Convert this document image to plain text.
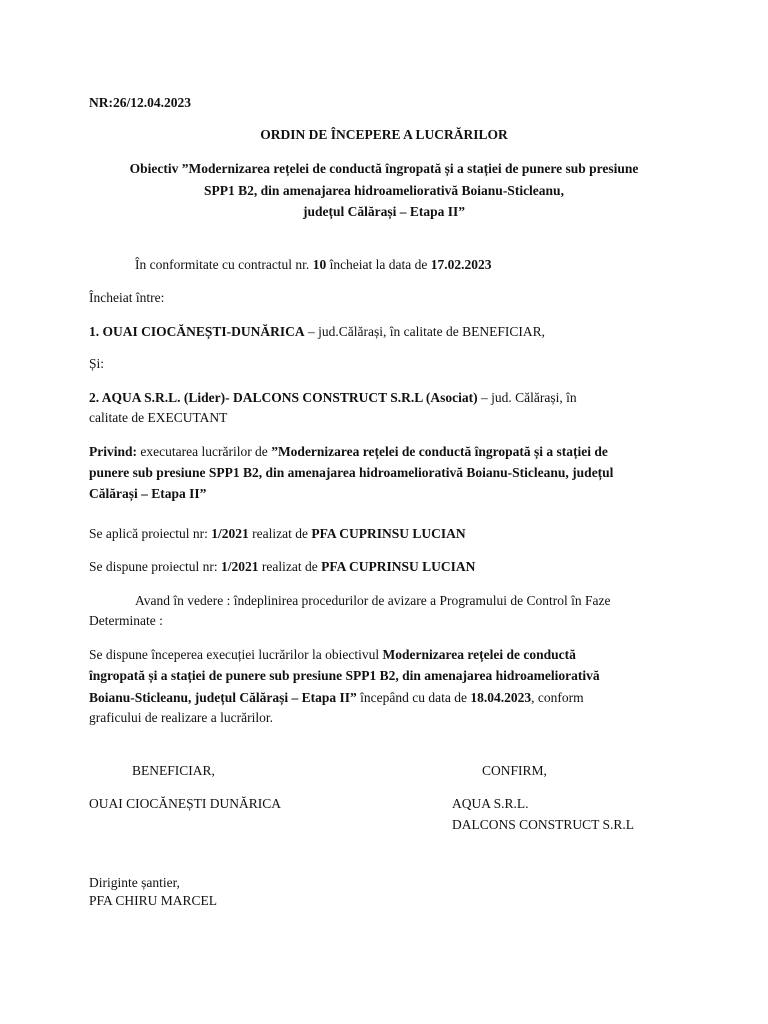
NR:26/12.04.2023
ORDIN DE ÎNCEPERE A LUCRĂRILOR
Obiectiv ”Modernizarea rețelei de conductă îngropată și a stației de punere sub presiune
SPP1 B2, din amenajarea hidroameliorativă Boianu-Sticleanu,
județul Călărași – Etapa II”
În conformitate cu contractul nr. 10 încheiat la data de 17.02.2023
Încheiat între:
1. OUAI CIOCĂNEȘTI-DUNĂRICA – jud.Călărași, în calitate de BENEFICIAR,
Și:
2. AQUA S.R.L. (Lider)- DALCONS CONSTRUCT S.R.L (Asociat) – jud. Călărași, în
calitate de EXECUTANT
Privind: executarea lucrărilor de ”Modernizarea rețelei de conductă îngropată și a stației de
punere sub presiune SPP1 B2, din amenajarea hidroameliorativă Boianu-Sticleanu, județul
Călărași – Etapa II”
Se aplică proiectul nr: 1/2021 realizat de PFA CUPRINSU LUCIAN
Se dispune proiectul nr: 1/2021 realizat de PFA CUPRINSU LUCIAN
Avand în vedere : îndeplinirea procedurilor de avizare a Programului de Control în Faze
Determinate :
Se dispune începerea execuției lucrărilor la obiectivul Modernizarea rețelei de conductă
îngropată și a stației de punere sub presiune SPP1 B2, din amenajarea hidroameliorativă
Boianu-Sticleanu, județul Călărași – Etapa II” începând cu data de 18.04.2023, conform
graficului de realizare a lucrărilor.
BENEFICIAR,	CONFIRM,
OUAI CIOCĂNEȘTI DUNĂRICA	AQUA S.R.L.
DALCONS CONSTRUCT S.R.L
Diriginte șantier,
PFA CHIRU MARCEL
